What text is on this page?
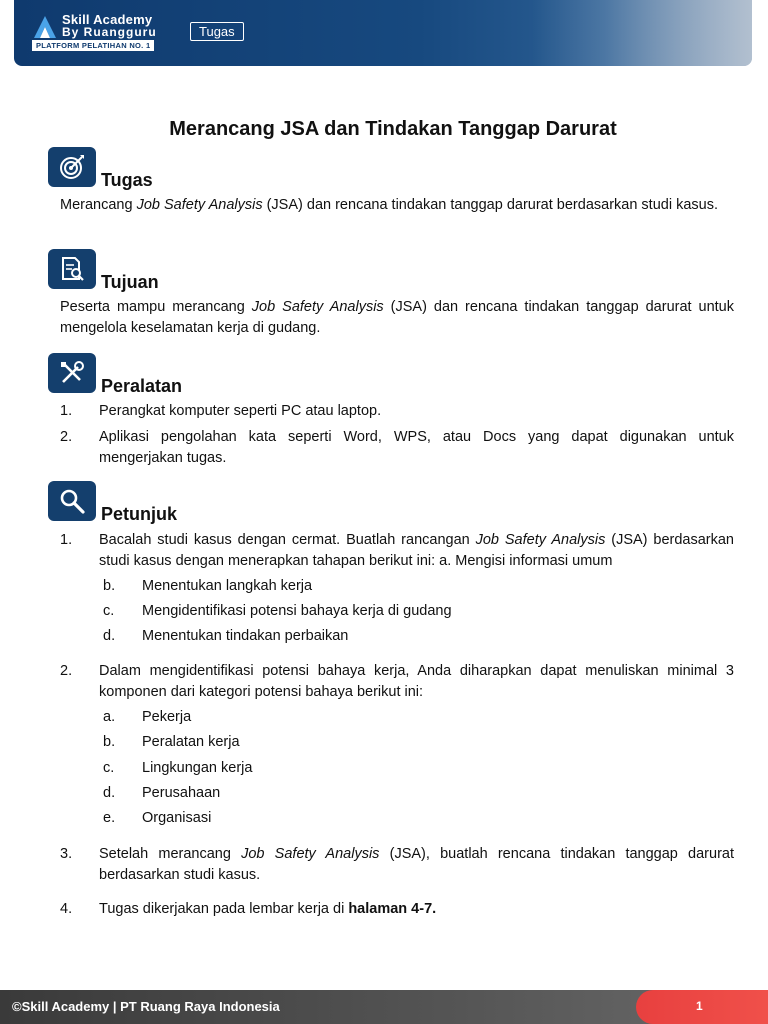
Skill Academy
By Ruangguru
PLATFORM PELATIHAN NO. 1
Tugas
Merancang JSA dan Tindakan Tanggap Darurat
Tugas
Merancang Job Safety Analysis (JSA) dan rencana tindakan tanggap darurat berdasarkan studi kasus.
Tujuan
Peserta mampu merancang Job Safety Analysis (JSA) dan rencana tindakan tanggap darurat untuk mengelola keselamatan kerja di gudang.
Peralatan
1. Perangkat komputer seperti PC atau laptop.
2. Aplikasi pengolahan kata seperti Word, WPS, atau Docs yang dapat digunakan untuk mengerjakan tugas.
Petunjuk
1. Bacalah studi kasus dengan cermat. Buatlah rancangan Job Safety Analysis (JSA) berdasarkan studi kasus dengan menerapkan tahapan berikut ini: a. Mengisi informasi umum
b. Menentukan langkah kerja
c. Mengidentifikasi potensi bahaya kerja di gudang
d. Menentukan tindakan perbaikan
2. Dalam mengidentifikasi potensi bahaya kerja, Anda diharapkan dapat menuliskan minimal 3 komponen dari kategori potensi bahaya berikut ini:
a. Pekerja
b. Peralatan kerja
c. Lingkungan kerja
d. Perusahaan
e. Organisasi
3. Setelah merancang Job Safety Analysis (JSA), buatlah rencana tindakan tanggap darurat berdasarkan studi kasus.
4. Tugas dikerjakan pada lembar kerja di halaman 4-7.
©Skill Academy | PT Ruang Raya Indonesia	1
